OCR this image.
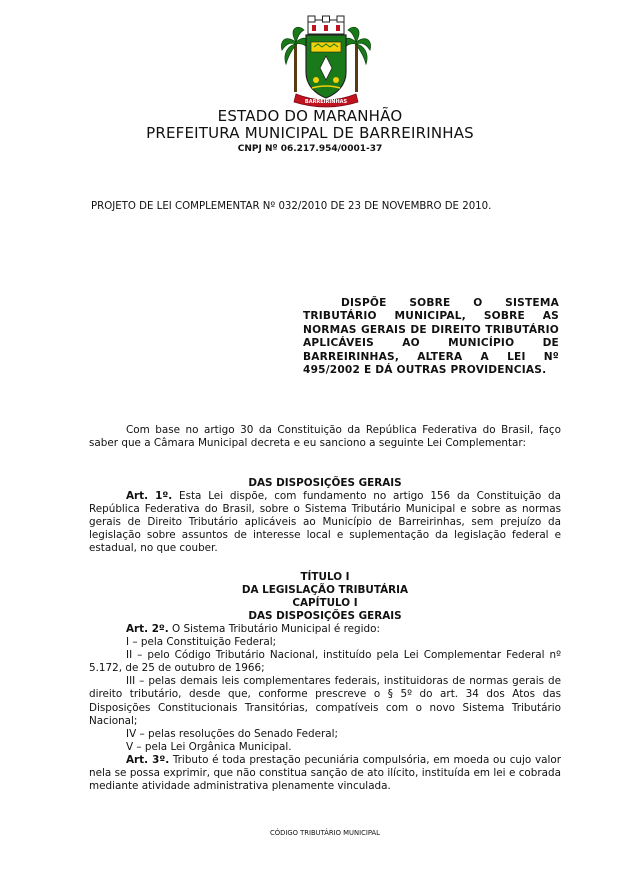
BARREIRINHAS
ESTADO DO MARANHÃO
PREFEITURA MUNICIPAL DE BARREIRINHAS
CNPJ Nº 06.217.954/0001-37
PROJETO DE LEI COMPLEMENTAR Nº 032/2010 DE 23 DE NOVEMBRO DE 2010.
DISPÕE SOBRE O SISTEMA TRIBUTÁRIO MUNICIPAL, SOBRE AS NORMAS GERAIS DE DIREITO TRIBUTÁRIO APLICÁVEIS AO MUNICÍPIO DE BARREIRINHAS, ALTERA A LEI Nº 495/2002 E DÁ OUTRAS PROVIDENCIAS.

Com base no artigo 30 da Constituição da República Federativa do Brasil, faço saber que a Câmara Municipal decreta e eu sanciono a seguinte Lei Complementar:

DAS DISPOSIÇÕES GERAIS

Art. 1º. Esta Lei dispõe, com fundamento no artigo 156 da Constituição da República Federativa do Brasil, sobre o Sistema Tributário Municipal e sobre as normas gerais de Direito Tributário aplicáveis ao Município de Barreirinhas, sem prejuízo da legislação sobre assuntos de interesse local e suplementação da legislação federal e estadual, no que couber.

TÍTULO I
DA LEGISLAÇÃO TRIBUTÁRIA
CAPÍTULO I
DAS DISPOSIÇÕES GERAIS

Art. 2º. O Sistema Tributário Municipal é regido:

I – pela Constituição Federal;

II – pelo Código Tributário Nacional, instituído pela Lei Complementar Federal nº 5.172, de 25 de outubro de 1966;

III – pelas demais leis complementares federais, instituidoras de normas gerais de direito tributário, desde que, conforme prescreve o § 5º do art. 34 dos Atos das Disposições Constitucionais Transitórias, compatíveis com o novo Sistema Tributário Nacional;

IV – pelas resoluções do Senado Federal;

V – pela Lei Orgânica Municipal.

Art. 3º. Tributo é toda prestação pecuniária compulsória, em moeda ou cujo valor nela se possa exprimir, que não constitua sanção de ato ilícito, instituída em lei e cobrada mediante atividade administrativa plenamente vinculada.

CÓDIGO TRIBUTÁRIO MUNICIPAL
